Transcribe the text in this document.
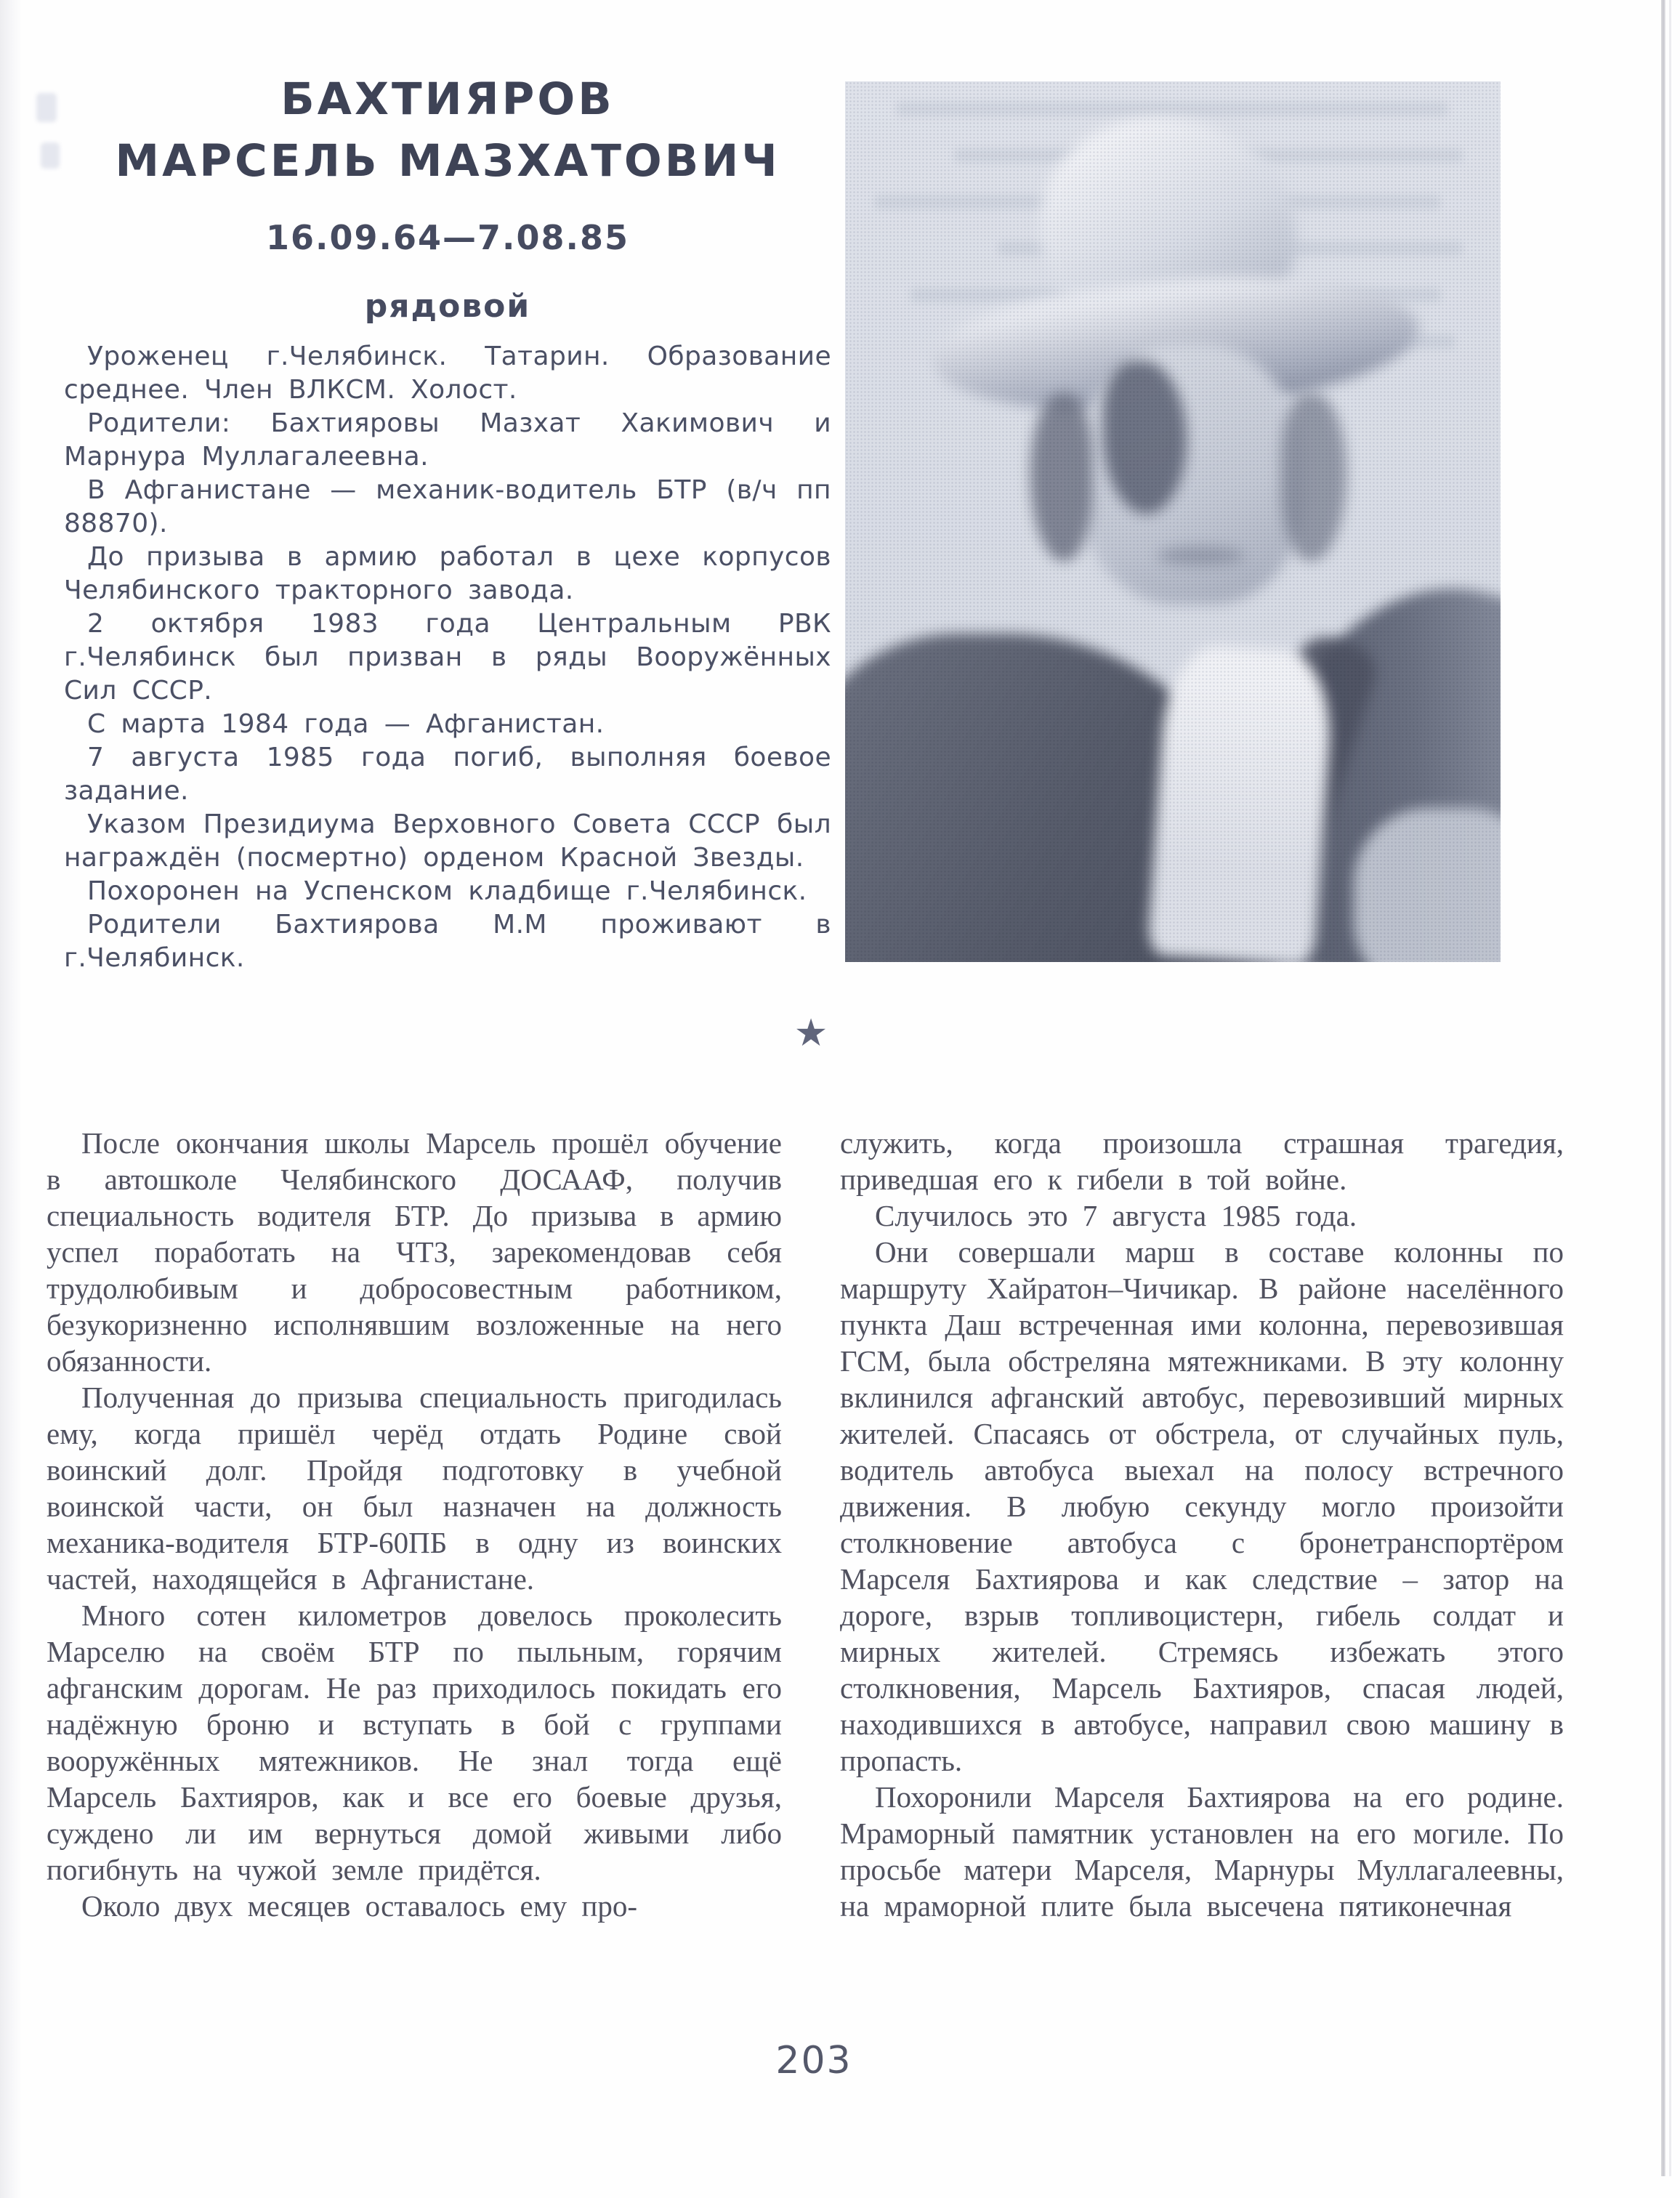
БАХТИЯРОВ
МАРСЕЛЬ МАЗХАТОВИЧ
16.09.64—7.08.85
рядовой

Уроженец г.Челябинск. Татарин. Образование среднее. Член ВЛКСМ. Холост.

Родители: Бахтияровы Мазхат Хакимович и Марнура Муллагалеевна.

В Афганистане — механик-водитель БТР (в/ч пп 88870).

До призыва в армию работал в цехе корпусов Челябинского тракторного завода.

2 октября 1983 года Центральным РВК г.Челябинск был призван в ряды Вооружённых Сил СССР.

С марта 1984 года — Афганистан.

7 августа 1985 года погиб, выполняя боевое задание.

Указом Президиума Верховного Совета СССР был награждён (посмертно) орденом Красной Звезды.

Похоронен на Успенском кладбище г.Челябинск.

Родители Бахтиярова М.М проживают в г.Челябинск.

★

После окончания школы Марсель прошёл обучение в автошколе Челябинского ДОСААФ, получив специальность водителя БТР. До призыва в армию успел поработать на ЧТЗ, зарекомендовав себя трудолюбивым и добросовестным работником, безукоризненно исполнявшим возложенные на него обязанности.

Полученная до призыва специальность пригодилась ему, когда пришёл черёд отдать Родине свой воинский долг. Пройдя подготовку в учебной воинской части, он был назначен на должность механика-водителя БТР-60ПБ в одну из воинских частей, находящейся в Афганистане.

Много сотен километров довелось проколесить Марселю на своём БТР по пыльным, горячим афганским дорогам. Не раз приходилось покидать его надёжную броню и вступать в бой с группами вооружённых мятежников. Не знал тогда ещё Марсель Бахтияров, как и все его боевые друзья, суждено ли им вернуться домой живыми либо погибнуть на чужой земле придётся.

Около двух месяцев оставалось ему про-

служить, когда произошла страшная трагедия, приведшая его к гибели в той войне.

Случилось это 7 августа 1985 года.

Они совершали марш в составе колонны по маршруту Хайратон–Чичикар. В районе населённого пункта Даш встреченная ими колонна, перевозившая ГСМ, была обстреляна мятежниками. В эту колонну вклинился афганский автобус, перевозивший мирных жителей. Спасаясь от обстрела, от случайных пуль, водитель автобуса выехал на полосу встречного движения. В любую секунду могло произойти столкновение автобуса с бронетранспортёром Марселя Бахтиярова и как следствие – затор на дороге, взрыв топливоцистерн, гибель солдат и мирных жителей. Стремясь избежать этого столкновения, Марсель Бахтияров, спасая людей, находившихся в автобусе, направил свою машину в пропасть.

Похоронили Марселя Бахтиярова на его родине. Мраморный памятник установлен на его могиле. По просьбе матери Марселя, Марнуры Муллагалеевны, на мраморной плите была высечена пятиконечная

203
